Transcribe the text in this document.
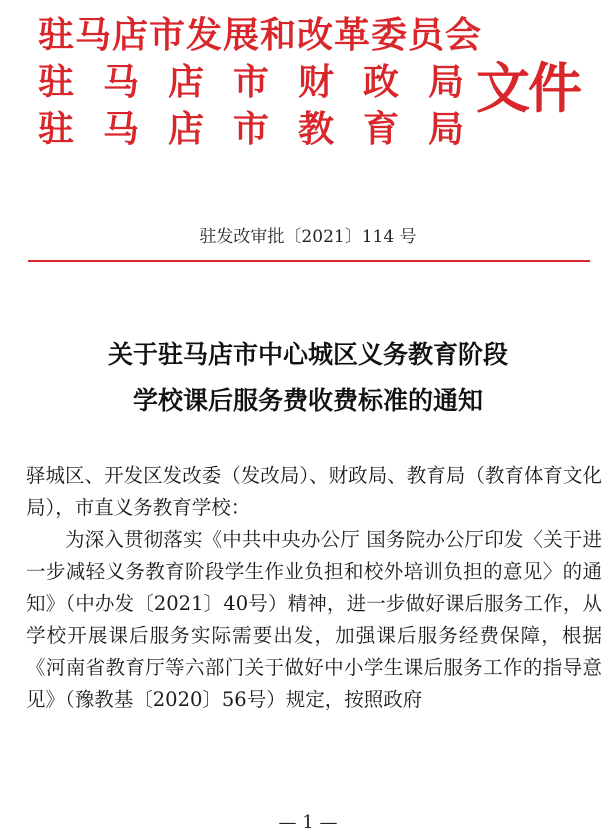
驻马店市发展和改革委员会
驻马店市财政局
驻马店市教育局
文件
驻发改审批〔2021〕114 号
关于驻马店市中心城区义务教育阶段
学校课后服务费收费标准的通知

驿城区、开发区发改委（发改局）、财政局、教育局（教育体育文化局），市直义务教育学校：

为深入贯彻落实《中共中央办公厅 国务院办公厅印发〈关于进一步减轻义务教育阶段学生作业负担和校外培训负担的意见〉的通知》（中办发〔2021〕40号）精神，进一步做好课后服务工作，从学校开展课后服务实际需要出发，加强课后服务经费保障，根据《河南省教育厅等六部门关于做好中小学生课后服务工作的指导意见》（豫教基〔2020〕56号）规定，按照政府

— 1 —
